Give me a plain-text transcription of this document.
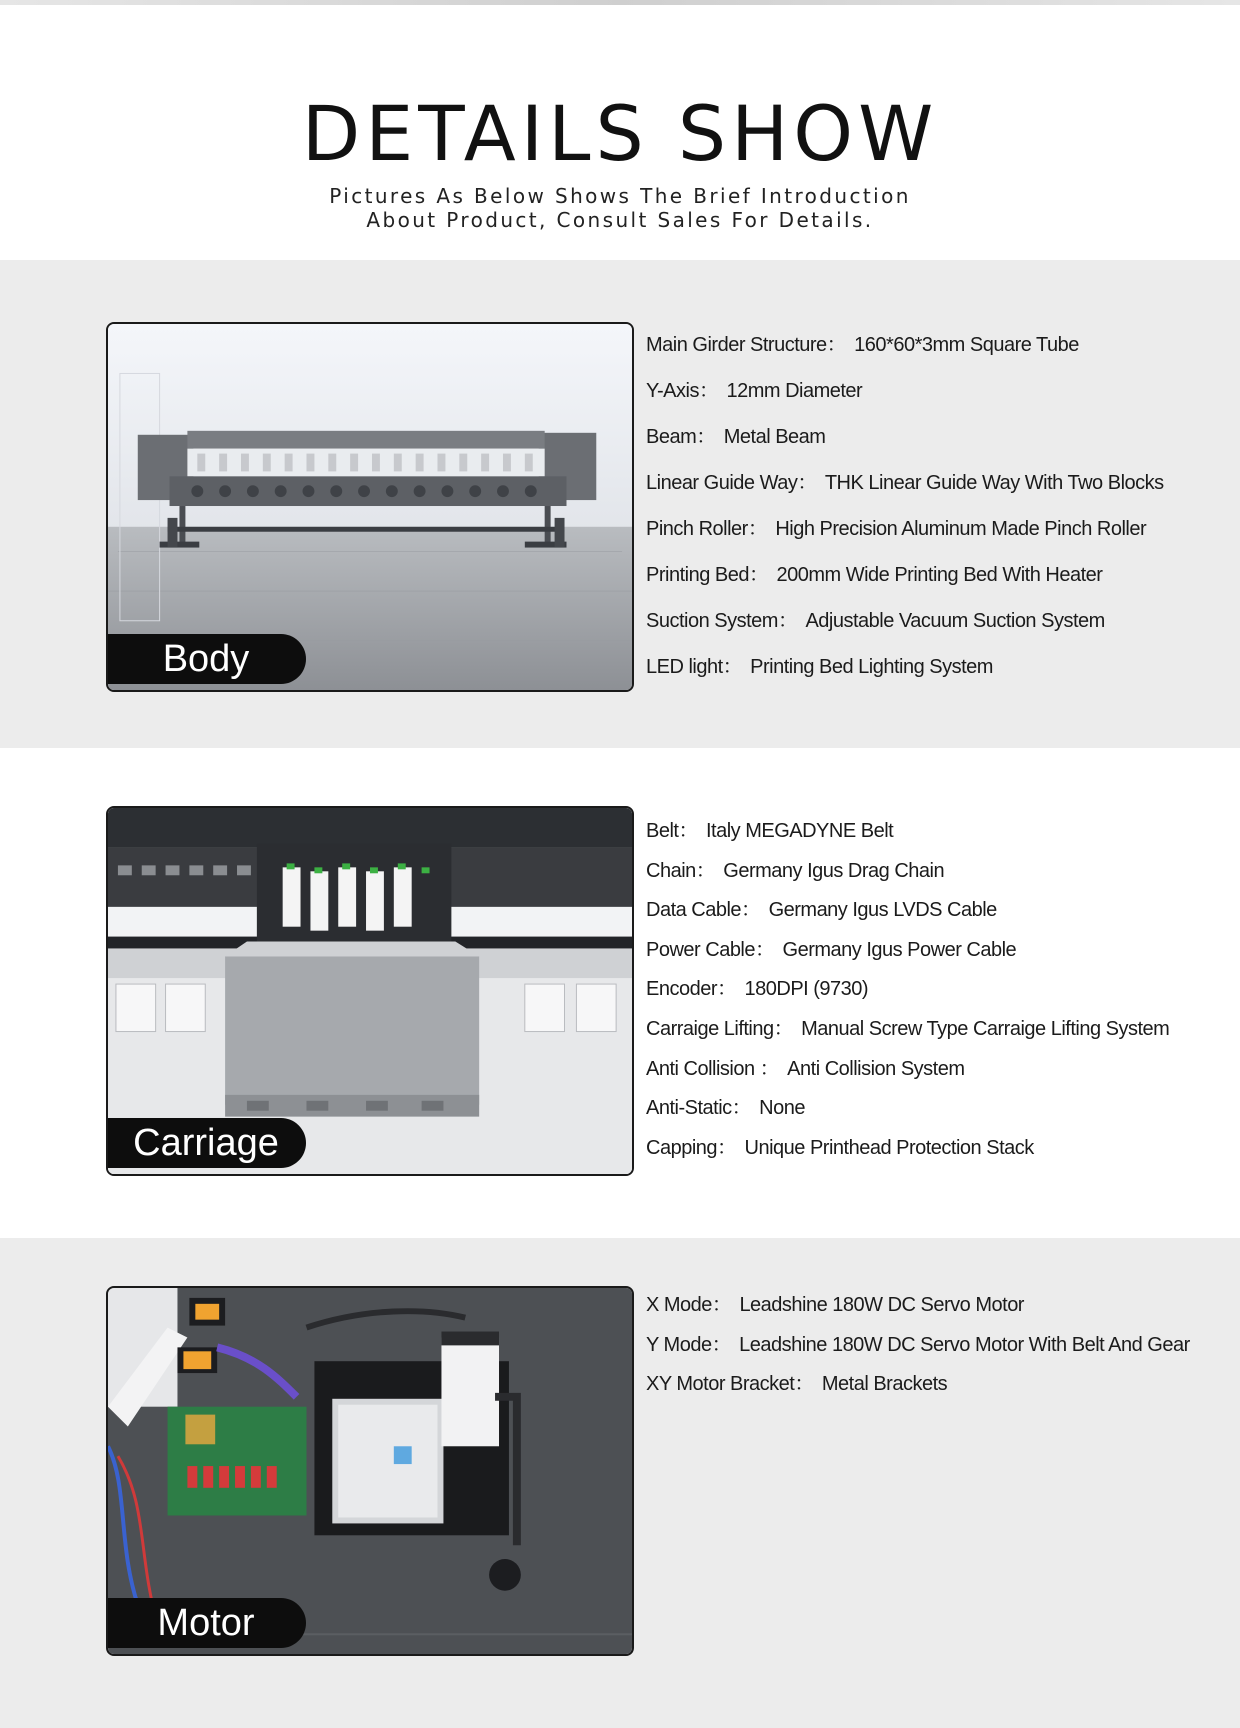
DETAILS SHOW
Pictures As Below Shows The Brief Introduction
About Product, Consult Sales For Details.
Body
Main Girder Structure： 160*60*3mm Square Tube
Y-Axis： 12mm Diameter
Beam： Metal Beam
Linear Guide Way： THK Linear Guide Way With Two Blocks
Pinch Roller： High Precision Aluminum Made Pinch Roller
Printing Bed： 200mm Wide Printing Bed With Heater
Suction System： Adjustable Vacuum Suction System
LED light： Printing Bed Lighting System
Carriage
Belt： Italy MEGADYNE Belt
Chain： Germany Igus Drag Chain
Data Cable： Germany Igus LVDS Cable
Power Cable： Germany Igus Power Cable
Encoder： 180DPI (9730)
Carraige Lifting： Manual Screw Type Carraige Lifting System
Anti Collision ： Anti Collision System
Anti-Static： None
Capping： Unique Printhead Protection Stack
Motor
X Mode： Leadshine 180W DC Servo Motor
Y Mode： Leadshine 180W DC Servo Motor With Belt And Gear
XY Motor Bracket： Metal Brackets
